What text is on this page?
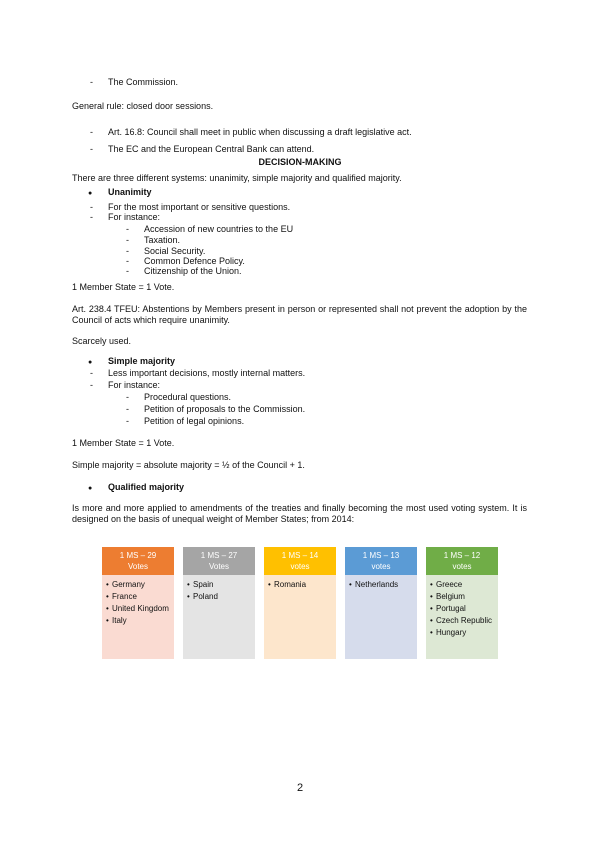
- The Commission.
General rule: closed door sessions.
- Art. 16.8: Council shall meet in public when discussing a draft legislative act.
- The EC and the European Central Bank can attend.
DECISION-MAKING
There are three different systems: unanimity, simple majority and qualified majority.
● Unanimity
- For the most important or sensitive questions.
- For instance:
- Accession of new countries to the EU
- Taxation.
- Social Security.
- Common Defence Policy.
- Citizenship of the Union.
1 Member State = 1 Vote.
Art. 238.4 TFEU: Abstentions by Members present in person or represented shall not prevent the adoption by the Council of acts which require unanimity.
Scarcely used.
● Simple majority
- Less important decisions, mostly internal matters.
- For instance:
- Procedural questions.
- Petition of proposals to the Commission.
- Petition of legal opinions.
1 Member State = 1 Vote.
Simple majority = absolute majority = ½ of the Council + 1.
● Qualified majority
Is more and more applied to amendments of the treaties and finally becoming the most used voting system. It is designed on the basis of unequal weight of Member States; from 2014:
1 MS – 29
Votes
• Germany
• France
• United Kingdom
• Italy
1 MS – 27
Votes
• Spain
• Poland
1 MS – 14
votes
• Romania
1 MS – 13
votes
• Netherlands
1 MS – 12
votes
• Greece
• Belgium
• Portugal
• Czech Republic
• Hungary
2
